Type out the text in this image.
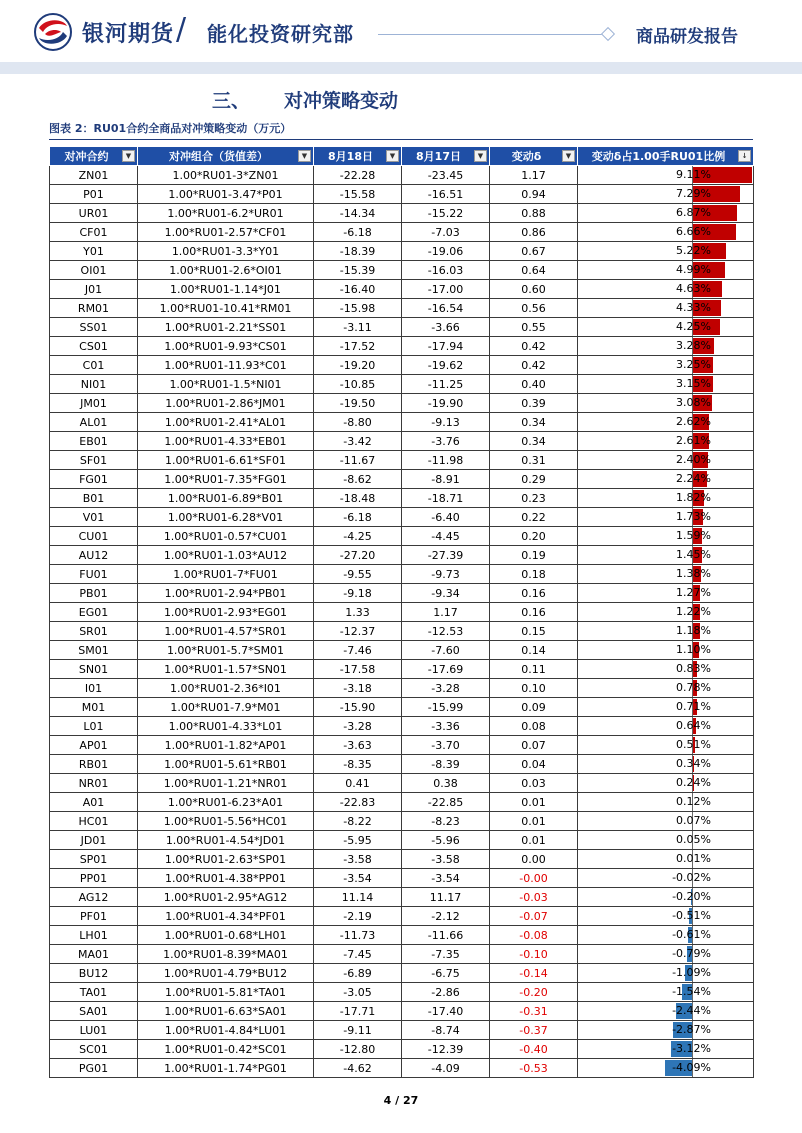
银河期货 / 能化投资研究部	商品研发报告
三、 对冲策略变动
图表 2：RU01合约全商品对冲策略变动（万元）
对冲合约 ▼	对冲组合（货值差） ▼	8月18日 ▼	8月17日 ▼	变动δ ▼	变动δ占1.00手RU01比例 ↓

ZN01	1.00*RU01-3*ZN01	-22.28	-23.45	1.17	9.11%

P01	1.00*RU01-3.47*P01	-15.58	-16.51	0.94	7.29%

UR01	1.00*RU01-6.2*UR01	-14.34	-15.22	0.88	6.87%

CF01	1.00*RU01-2.57*CF01	-6.18	-7.03	0.86	6.66%

Y01	1.00*RU01-3.3*Y01	-18.39	-19.06	0.67	5.22%

OI01	1.00*RU01-2.6*OI01	-15.39	-16.03	0.64	4.99%

J01	1.00*RU01-1.14*J01	-16.40	-17.00	0.60	4.63%

RM01	1.00*RU01-10.41*RM01	-15.98	-16.54	0.56	4.33%

SS01	1.00*RU01-2.21*SS01	-3.11	-3.66	0.55	4.25%

CS01	1.00*RU01-9.93*CS01	-17.52	-17.94	0.42	3.28%

C01	1.00*RU01-11.93*C01	-19.20	-19.62	0.42	3.25%

NI01	1.00*RU01-1.5*NI01	-10.85	-11.25	0.40	3.15%

JM01	1.00*RU01-2.86*JM01	-19.50	-19.90	0.39	3.08%

AL01	1.00*RU01-2.41*AL01	-8.80	-9.13	0.34	2.62%

EB01	1.00*RU01-4.33*EB01	-3.42	-3.76	0.34	2.61%

SF01	1.00*RU01-6.61*SF01	-11.67	-11.98	0.31	2.40%

FG01	1.00*RU01-7.35*FG01	-8.62	-8.91	0.29	2.24%

B01	1.00*RU01-6.89*B01	-18.48	-18.71	0.23	1.82%

V01	1.00*RU01-6.28*V01	-6.18	-6.40	0.22	1.73%

CU01	1.00*RU01-0.57*CU01	-4.25	-4.45	0.20	1.59%

AU12	1.00*RU01-1.03*AU12	-27.20	-27.39	0.19	1.45%

FU01	1.00*RU01-7*FU01	-9.55	-9.73	0.18	1.38%

PB01	1.00*RU01-2.94*PB01	-9.18	-9.34	0.16	1.27%

EG01	1.00*RU01-2.93*EG01	1.33	1.17	0.16	1.22%

SR01	1.00*RU01-4.57*SR01	-12.37	-12.53	0.15	1.18%

SM01	1.00*RU01-5.7*SM01	-7.46	-7.60	0.14	1.10%

SN01	1.00*RU01-1.57*SN01	-17.58	-17.69	0.11	0.83%

I01	1.00*RU01-2.36*I01	-3.18	-3.28	0.10	0.78%

M01	1.00*RU01-7.9*M01	-15.90	-15.99	0.09	0.71%

L01	1.00*RU01-4.33*L01	-3.28	-3.36	0.08	0.64%

AP01	1.00*RU01-1.82*AP01	-3.63	-3.70	0.07	0.51%

RB01	1.00*RU01-5.61*RB01	-8.35	-8.39	0.04	0.34%

NR01	1.00*RU01-1.21*NR01	0.41	0.38	0.03	0.24%

A01	1.00*RU01-6.23*A01	-22.83	-22.85	0.01	0.12%

HC01	1.00*RU01-5.56*HC01	-8.22	-8.23	0.01	0.07%

JD01	1.00*RU01-4.54*JD01	-5.95	-5.96	0.01	0.05%

SP01	1.00*RU01-2.63*SP01	-3.58	-3.58	0.00	0.01%

PP01	1.00*RU01-4.38*PP01	-3.54	-3.54	-0.00	-0.02%

AG12	1.00*RU01-2.95*AG12	11.14	11.17	-0.03	-0.20%

PF01	1.00*RU01-4.34*PF01	-2.19	-2.12	-0.07	-0.51%

LH01	1.00*RU01-0.68*LH01	-11.73	-11.66	-0.08	-0.61%

MA01	1.00*RU01-8.39*MA01	-7.45	-7.35	-0.10	-0.79%

BU12	1.00*RU01-4.79*BU12	-6.89	-6.75	-0.14	-1.09%

TA01	1.00*RU01-5.81*TA01	-3.05	-2.86	-0.20	-1.54%

SA01	1.00*RU01-6.63*SA01	-17.71	-17.40	-0.31	-2.44%

LU01	1.00*RU01-4.84*LU01	-9.11	-8.74	-0.37	-2.87%

SC01	1.00*RU01-0.42*SC01	-12.80	-12.39	-0.40	-3.12%

PG01	1.00*RU01-1.74*PG01	-4.62	-4.09	-0.53	-4.09%
4 / 27
